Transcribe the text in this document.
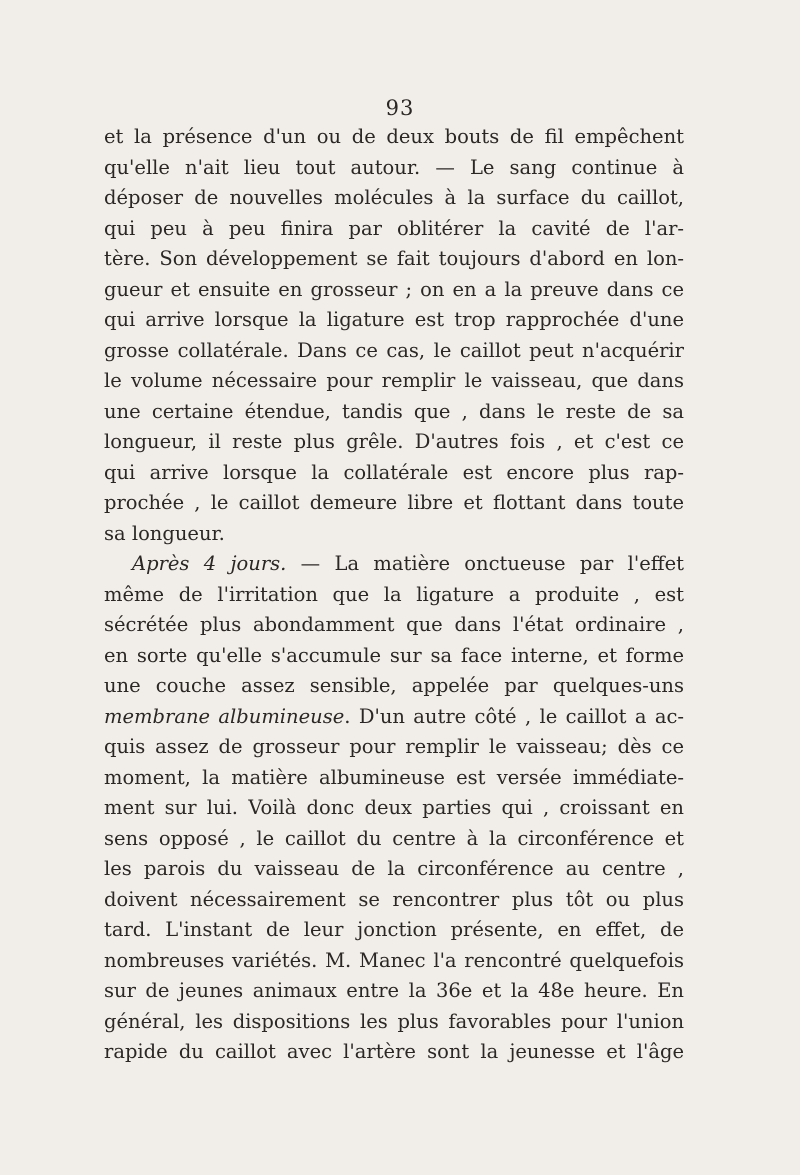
93
et la présence d'un ou de deux bouts de fil empêchent
qu'elle n'ait lieu tout autour. — Le sang continue à
déposer de nouvelles molécules à la surface du caillot,
qui peu à peu finira par oblitérer la cavité de l'ar-
tère. Son développement se fait toujours d'abord en lon-
gueur et ensuite en grosseur ; on en a la preuve dans ce
qui arrive lorsque la ligature est trop rapprochée d'une
grosse collatérale. Dans ce cas, le caillot peut n'acquérir
le volume nécessaire pour remplir le vaisseau, que dans
une certaine étendue, tandis que , dans le reste de sa
longueur, il reste plus grêle. D'autres fois , et c'est ce
qui arrive lorsque la collatérale est encore plus rap-
prochée , le caillot demeure libre et flottant dans toute
sa longueur.
Après 4 jours. — La matière onctueuse par l'effet
même de l'irritation que la ligature a produite , est
sécrétée plus abondamment que dans l'état ordinaire ,
en sorte qu'elle s'accumule sur sa face interne, et forme
une couche assez sensible, appelée par quelques-uns
membrane albumineuse. D'un autre côté , le caillot a ac-
quis assez de grosseur pour remplir le vaisseau; dès ce
moment, la matière albumineuse est versée immédiate-
ment sur lui. Voilà donc deux parties qui , croissant en
sens opposé , le caillot du centre à la circonférence et
les parois du vaisseau de la circonférence au centre ,
doivent nécessairement se rencontrer plus tôt ou plus
tard. L'instant de leur jonction présente, en effet, de
nombreuses variétés. M. Manec l'a rencontré quelquefois
sur de jeunes animaux entre la 36e et la 48e heure. En
général, les dispositions les plus favorables pour l'union
rapide du caillot avec l'artère sont la jeunesse et l'âge
